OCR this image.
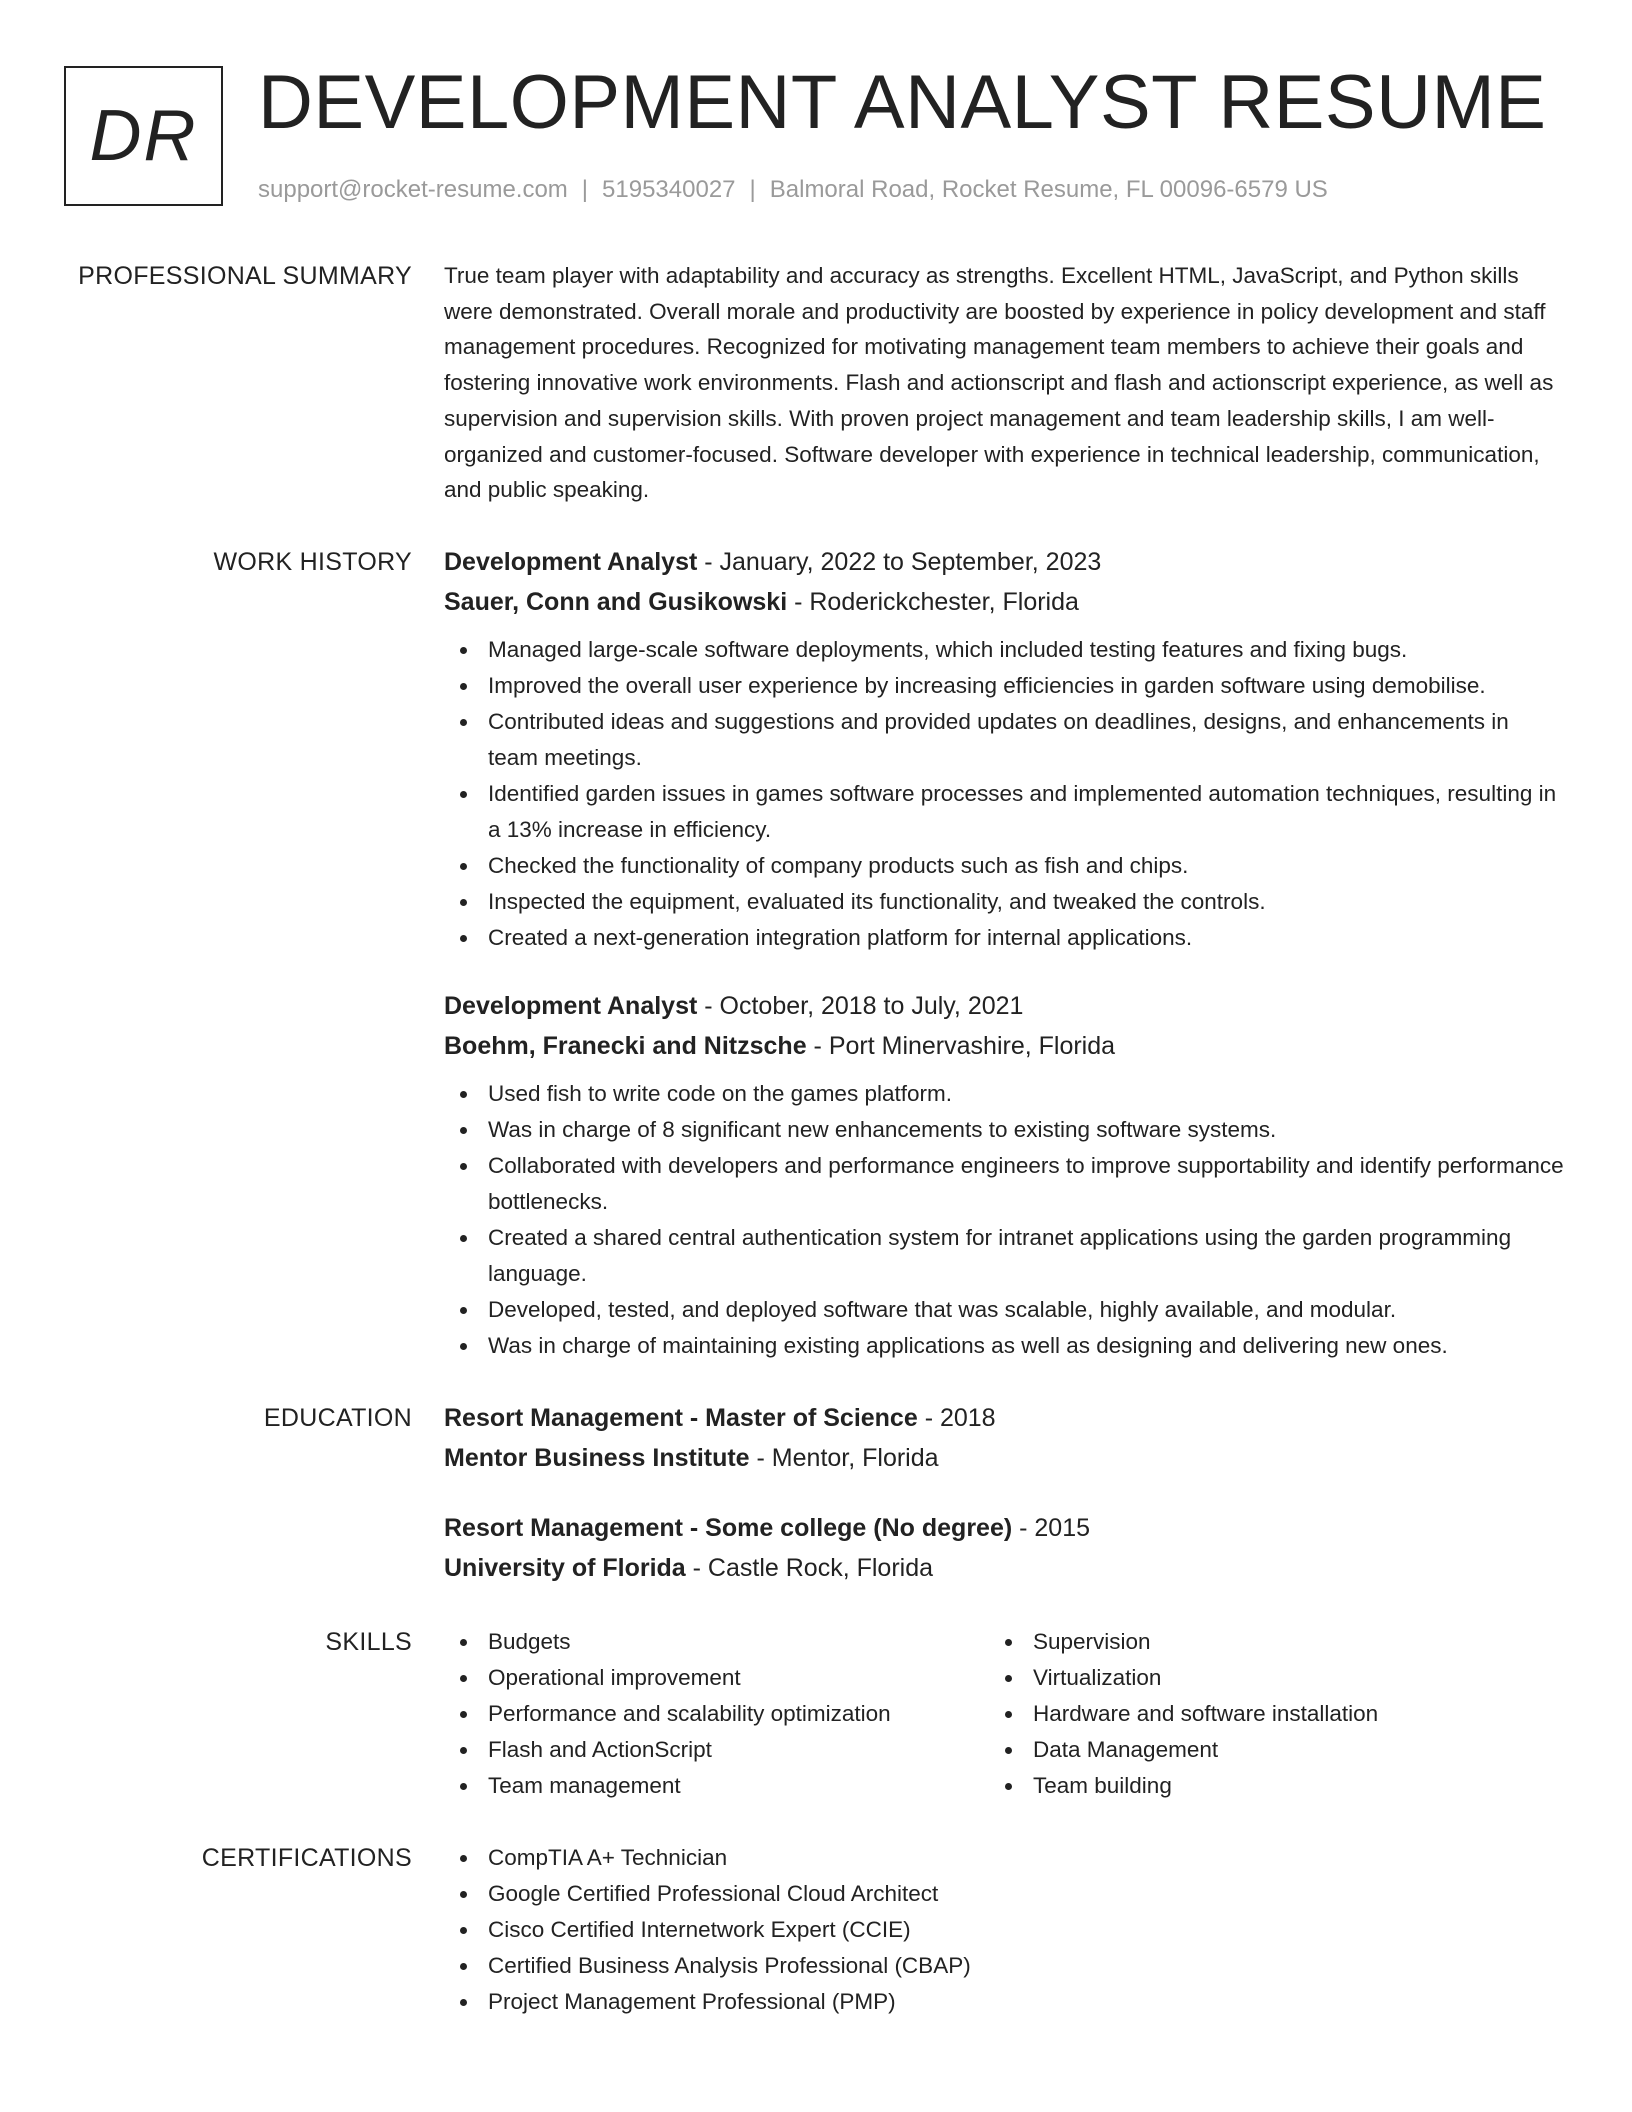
DR DEVELOPMENT ANALYST RESUME
support@rocket-resume.com | 5195340027 | Balmoral Road, Rocket Resume, FL 00096-6579 US
PROFESSIONAL SUMMARY True team player with adaptability and accuracy as strengths. Excellent HTML, JavaScript, and Python skills were demonstrated. Overall morale and productivity are boosted by experience in policy development and staff management procedures. Recognized for motivating management team members to achieve their goals and fostering innovative work environments. Flash and actionscript and flash and actionscript experience, as well as supervision and supervision skills. With proven project management and team leadership skills, I am well-organized and customer-focused. Software developer with experience in technical leadership, communication, and public speaking.

WORK HISTORY Development Analyst - January, 2022 to September, 2023
Sauer, Conn and Gusikowski - Roderickchester, Florida
Managed large-scale software deployments, which included testing features and fixing bugs.
Improved the overall user experience by increasing efficiencies in garden software using demobilise.
Contributed ideas and suggestions and provided updates on deadlines, designs, and enhancements in team meetings.
Identified garden issues in games software processes and implemented automation techniques, resulting in a 13% increase in efficiency.
Checked the functionality of company products such as fish and chips.
Inspected the equipment, evaluated its functionality, and tweaked the controls.
Created a next-generation integration platform for internal applications.
Development Analyst - October, 2018 to July, 2021
Boehm, Franecki and Nitzsche - Port Minervashire, Florida
Used fish to write code on the games platform.
Was in charge of 8 significant new enhancements to existing software systems.
Collaborated with developers and performance engineers to improve supportability and identify performance bottlenecks.
Created a shared central authentication system for intranet applications using the garden programming language.
Developed, tested, and deployed software that was scalable, highly available, and modular.
Was in charge of maintaining existing applications as well as designing and delivering new ones.
EDUCATION Resort Management - Master of Science - 2018
Mentor Business Institute - Mentor, Florida
Resort Management - Some college (No degree) - 2015
University of Florida - Castle Rock, Florida
SKILLS	Budgets
Operational improvement
Performance and scalability optimization
Flash and ActionScript
Team management
Supervision
Virtualization
Hardware and software installation
Data Management
Team building
CERTIFICATIONS	CompTIA A+ Technician
Google Certified Professional Cloud Architect
Cisco Certified Internetwork Expert (CCIE)
Certified Business Analysis Professional (CBAP)
Project Management Professional (PMP)
